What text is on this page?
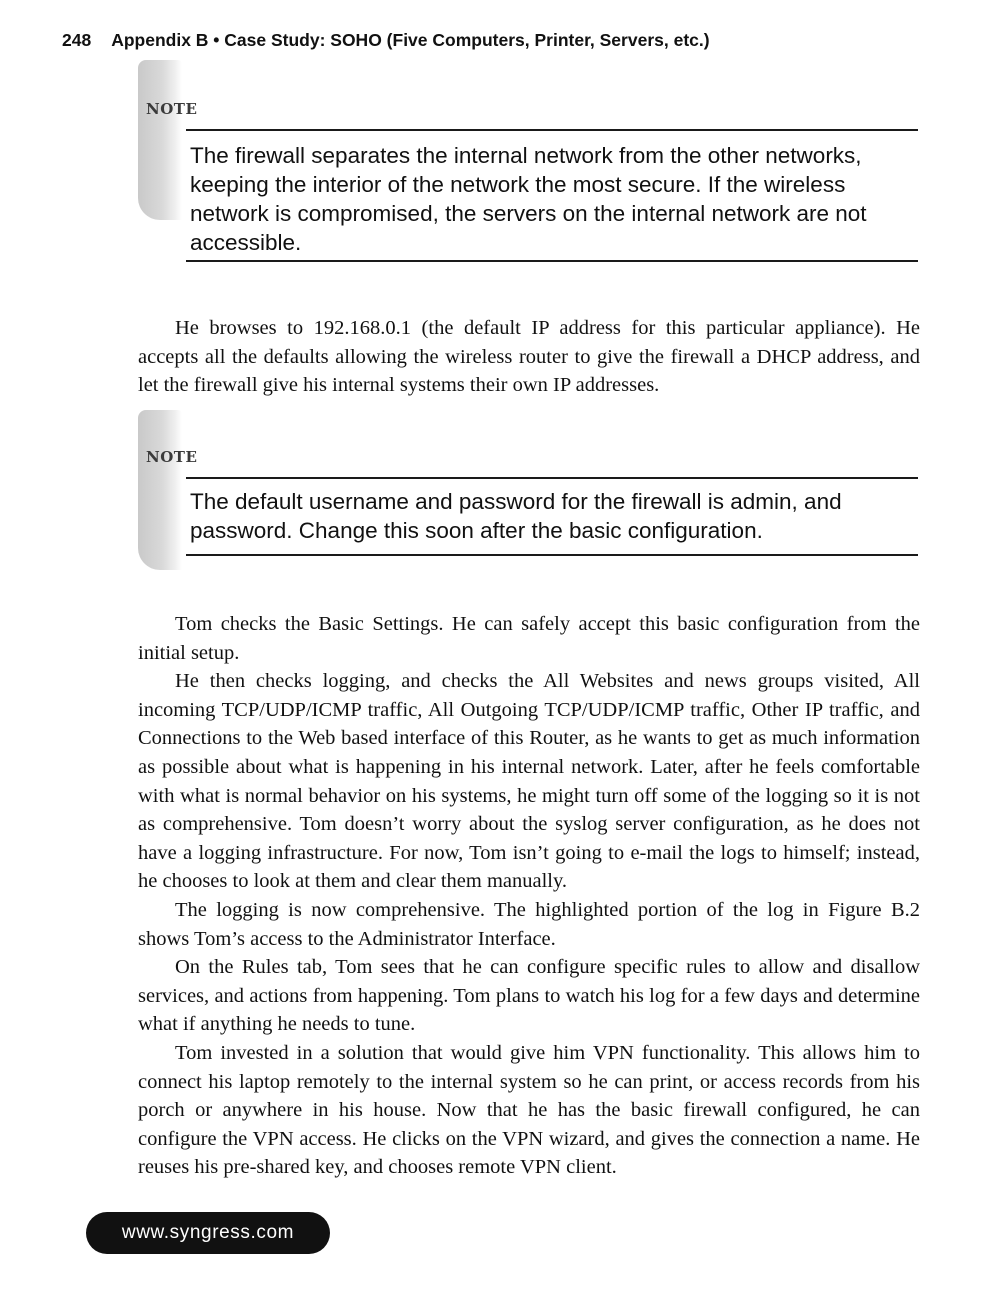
248 Appendix B • Case Study: SOHO (Five Computers, Printer, Servers, etc.)
NOTE

The firewall separates the internal network from the other networks, keeping the interior of the network the most secure. If the wireless network is compromised, the servers on the internal network are not accessible.

He browses to 192.168.0.1 (the default IP address for this particular appliance). He accepts all the defaults allowing the wireless router to give the firewall a DHCP address, and let the firewall give his internal systems their own IP addresses.

NOTE

The default username and password for the firewall is admin, and password. Change this soon after the basic configuration.

Tom checks the Basic Settings. He can safely accept this basic configuration from the initial setup.

He then checks logging, and checks the All Websites and news groups visited, All incoming TCP/UDP/ICMP traffic, All Outgoing TCP/UDP/ICMP traffic, Other IP traffic, and Connections to the Web based interface of this Router, as he wants to get as much information as possible about what is happening in his internal network. Later, after he feels comfortable with what is normal behavior on his systems, he might turn off some of the logging so it is not as comprehensive. Tom doesn’t worry about the syslog server configuration, as he does not have a logging infrastructure. For now, Tom isn’t going to e-mail the logs to himself; instead, he chooses to look at them and clear them manually.

The logging is now comprehensive. The highlighted portion of the log in Figure B.2 shows Tom’s access to the Administrator Interface.

On the Rules tab, Tom sees that he can configure specific rules to allow and disallow services, and actions from happening. Tom plans to watch his log for a few days and determine what if anything he needs to tune.

Tom invested in a solution that would give him VPN functionality. This allows him to connect his laptop remotely to the internal system so he can print, or access records from his porch or anywhere in his house. Now that he has the basic firewall configured, he can configure the VPN access. He clicks on the VPN wizard, and gives the connection a name. He reuses his pre-shared key, and chooses remote VPN client.

www.syngress.com
